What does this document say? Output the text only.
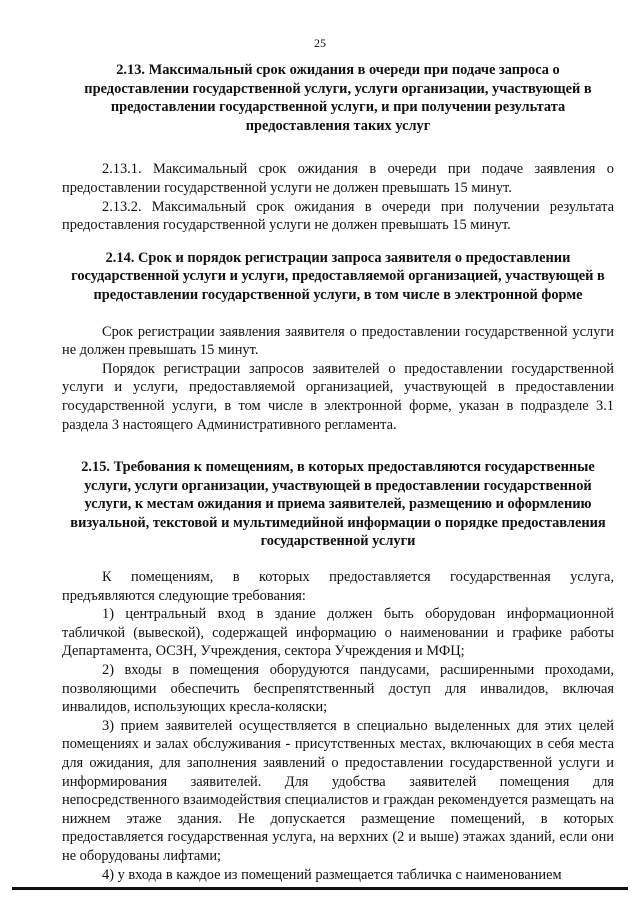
25
2.13. Максимальный срок ожидания в очереди при подаче запроса о предоставлении государственной услуги, услуги организации, участвующей в предоставлении государственной услуги, и при получении результата предоставления таких услуг

2.13.1. Максимальный срок ожидания в очереди при подаче заявления о предоставлении государственной услуги не должен превышать 15 минут.

2.13.2. Максимальный срок ожидания в очереди при получении результата предоставления государственной услуги не должен превышать 15 минут.

2.14. Срок и порядок регистрации запроса заявителя о предоставлении государственной услуги и услуги, предоставляемой организацией, участвующей в предоставлении государственной услуги, в том числе в электронной форме

Срок регистрации заявления заявителя о предоставлении государственной услуги не должен превышать 15 минут.

Порядок регистрации запросов заявителей о предоставлении государственной услуги и услуги, предоставляемой организацией, участвующей в предоставлении государственной услуги, в том числе в электронной форме, указан в подразделе 3.1 раздела 3 настоящего Административного регламента.

2.15. Требования к помещениям, в которых предоставляются государственные услуги, услуги организации, участвующей в предоставлении государственной услуги, к местам ожидания и приема заявителей, размещению и оформлению визуальной, текстовой и мультимедийной информации о порядке предоставления государственной услуги

К помещениям, в которых предоставляется государственная услуга, предъявляются следующие требования:

1) центральный вход в здание должен быть оборудован информационной табличкой (вывеской), содержащей информацию о наименовании и графике работы Департамента, ОСЗН, Учреждения, сектора Учреждения и МФЦ;

2) входы в помещения оборудуются пандусами, расширенными проходами, позволяющими обеспечить беспрепятственный доступ для инвалидов, включая инвалидов, использующих кресла-коляски;

3) прием заявителей осуществляется в специально выделенных для этих целей помещениях и залах обслуживания - присутственных местах, включающих в себя места для ожидания, для заполнения заявлений о предоставлении государственной услуги и информирования заявителей. Для удобства заявителей помещения для непосредственного взаимодействия специалистов и граждан рекомендуется размещать на нижнем этаже здания. Не допускается размещение помещений, в которых предоставляется государственная услуга, на верхних (2 и выше) этажах зданий, если они не оборудованы лифтами;

4) у входа в каждое из помещений размещается табличка с наименованием
